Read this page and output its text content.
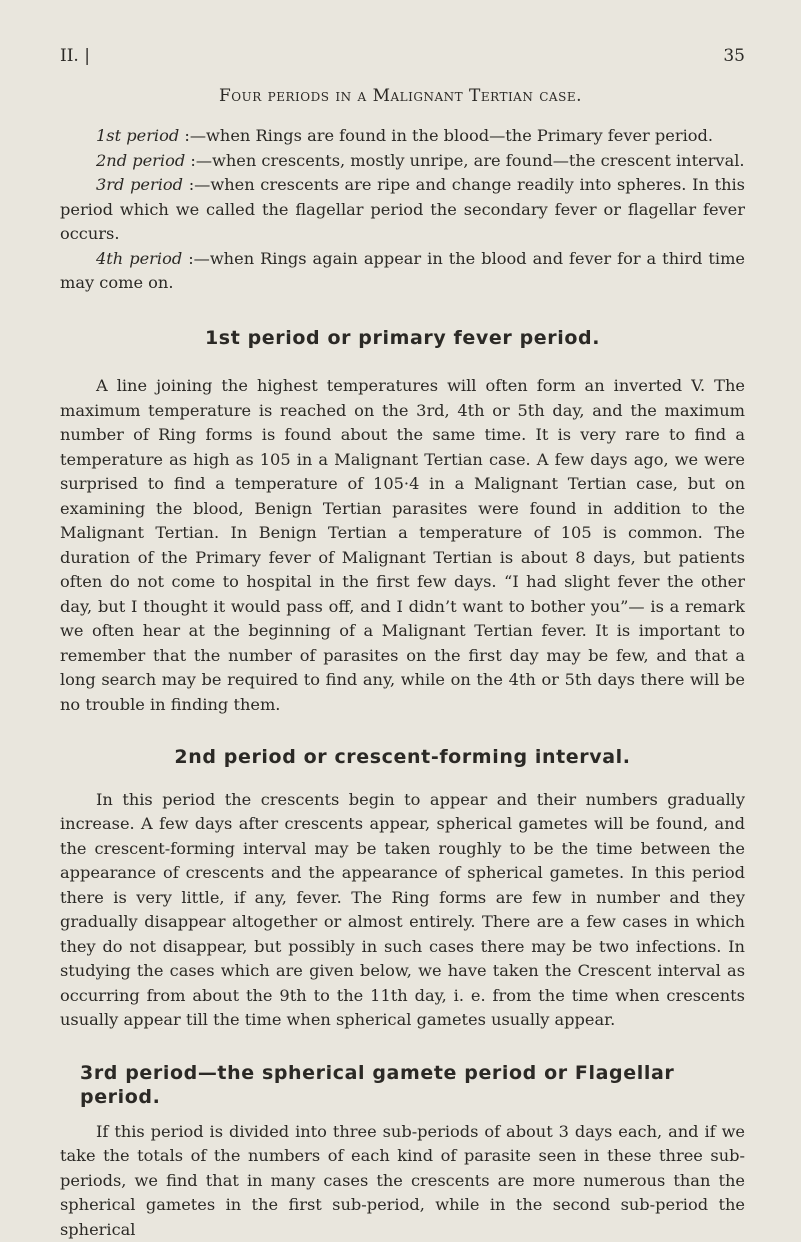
II. |	35
Four periods in a Malignant Tertian case.

1st period :—when Rings are found in the blood—the Primary fever period.

2nd period :—when crescents, mostly unripe, are found—the crescent interval.

3rd period :—when crescents are ripe and change readily into spheres. In this period which we called the flagellar period the secondary fever or flagellar fever occurs.

4th period :—when Rings again appear in the blood and fever for a third time may come on.

1st period or primary fever period.

A line joining the highest temperatures will often form an inverted V. The maximum temperature is reached on the 3rd, 4th or 5th day, and the maximum number of Ring forms is found about the same time. It is very rare to find a temperature as high as 105 in a Malignant Tertian case. A few days ago, we were surprised to find a temperature of 105·4 in a Malignant Tertian case, but on examining the blood, Benign Tertian parasites were found in addition to the Malignant Tertian. In Benign Tertian a temperature of 105 is common. The duration of the Primary fever of Malignant Tertian is about 8 days, but patients often do not come to hospital in the first few days. “I had slight fever the other day, but I thought it would pass off, and I didn’t want to bother you”— is a remark we often hear at the beginning of a Malignant Tertian fever. It is important to remember that the number of parasites on the first day may be few, and that a long search may be required to find any, while on the 4th or 5th days there will be no trouble in finding them.

2nd period or crescent-forming interval.

In this period the crescents begin to appear and their numbers gradually increase. A few days after crescents appear, spherical gametes will be found, and the crescent-forming interval may be taken roughly to be the time between the appearance of crescents and the appearance of spherical gametes. In this period there is very little, if any, fever. The Ring forms are few in number and they gradually disappear altogether or almost entirely. There are a few cases in which they do not disappear, but possibly in such cases there may be two infections. In studying the cases which are given below, we have taken the Crescent interval as occurring from about the 9th to the 11th day, i. e. from the time when crescents usually appear till the time when spherical gametes usually appear.

3rd period—the spherical gamete period or Flagellar period.

If this period is divided into three sub-periods of about 3 days each, and if we take the totals of the numbers of each kind of parasite seen in these three sub-periods, we find that in many cases the crescents are more numerous than the spherical gametes in the first sub-period, while in the second sub-period the spherical
